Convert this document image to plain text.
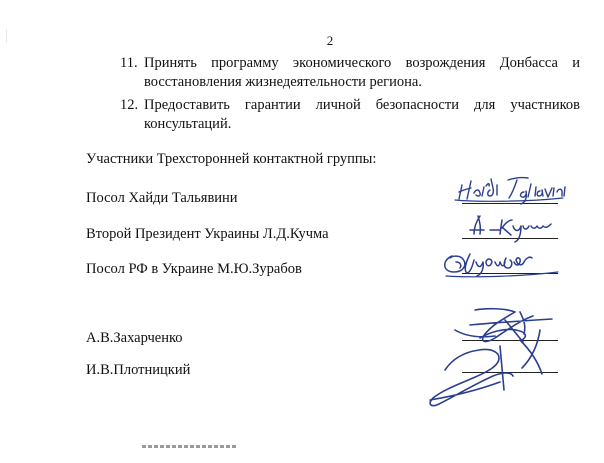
2
11. Принять программу экономического возрождения Донбасса и восстановления жизнедеятельности региона.
12. Предоставить гарантии личной безопасности для участников консультаций.
Участники Трехсторонней контактной группы:
Посол Хайди Тальявини
Второй Президент Украины Л.Д.Кучма
Посол РФ в Украине М.Ю.Зурабов
А.В.Захарченко
И.В.Плотницкий
